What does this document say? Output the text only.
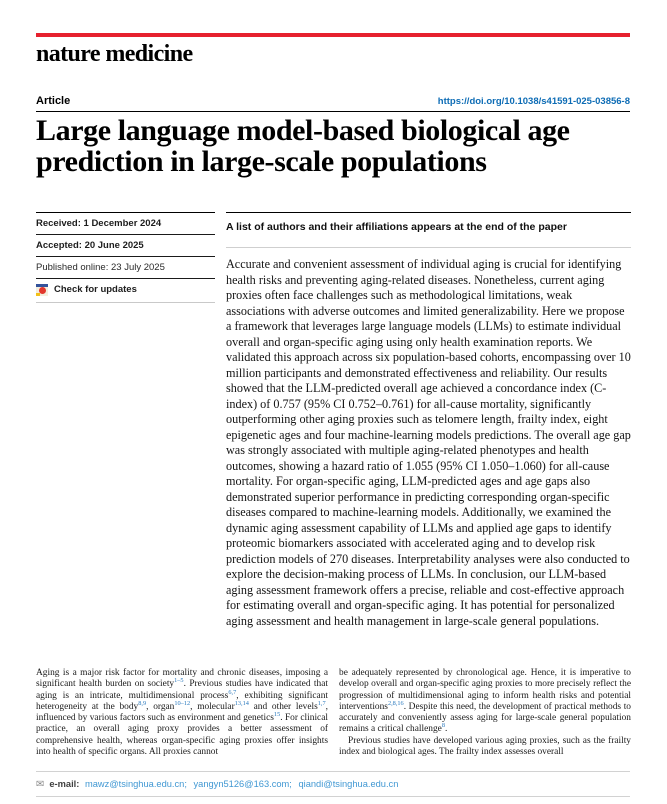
nature medicine
Article	https://doi.org/10.1038/s41591-025-03856-8
Large language model-based biological age prediction in large-scale populations
Received: 1 December 2024
Accepted: 20 June 2025
Published online: 23 July 2025
Check for updates
A list of authors and their affiliations appears at the end of the paper

Accurate and convenient assessment of individual aging is crucial for identifying health risks and preventing aging-related diseases. Nonetheless, current aging proxies often face challenges such as methodological limitations, weak associations with adverse outcomes and limited generalizability. Here we propose a framework that leverages large language models (LLMs) to estimate individual overall and organ-specific aging using only health examination reports. We validated this approach across six population-based cohorts, encompassing over 10 million participants and demonstrated effectiveness and reliability. Our results showed that the LLM-predicted overall age achieved a concordance index (C-index) of 0.757 (95% CI 0.752–0.761) for all-cause mortality, significantly outperforming other aging proxies such as telomere length, frailty index, eight epigenetic ages and four machine-learning models predictions. The overall age gap was strongly associated with multiple aging-related phenotypes and health outcomes, showing a hazard ratio of 1.055 (95% CI 1.050–1.060) for all-cause mortality. For organ-specific aging, LLM-predicted ages and age gaps also demonstrated superior performance in predicting corresponding organ-specific diseases compared to machine-learning models. Additionally, we examined the dynamic aging assessment capability of LLMs and applied age gaps to identify proteomic biomarkers associated with accelerated aging and to develop risk prediction models of 270 diseases. Interpretability analyses were also conducted to explore the decision-making process of LLMs. In conclusion, our LLM-based aging assessment framework offers a precise, reliable and cost-effective approach for estimating overall and organ-specific aging. It has potential for personalized aging assessment and health management in large-scale general populations.

Aging is a major risk factor for mortality and chronic diseases, imposing a significant health burden on society$^{1-5}$. Previous studies have indicated that aging is an intricate, multidimensional process$^{6,7}$, exhibiting significant heterogeneity at the body$^{8,9}$, organ$^{10-12}$, molecular$^{13,14}$ and other levels$^{1,7}$, influenced by various factors such as environment and genetics$^{15}$. For clinical practice, an overall aging proxy provides a better assessment of comprehensive health, whereas organ-specific aging proxies offer insights into health of specific organs. All proxies cannot

be adequately represented by chronological age. Hence, it is imperative to develop overall and organ-specific aging proxies to more precisely reflect the progression of multidimensional aging to inform health risks and potential interventions$^{2,8,16}$. Despite this need, the development of practical methods to accurately and conveniently assess aging for large-scale general population remains a critical challenge$^8$.

Previous studies have developed various aging proxies, such as the frailty index and biological ages. The frailty index assesses overall

✉ e-mail: mawz@tsinghua.edu.cn; yangyn5126@163.com; qiandi@tsinghua.edu.cn
